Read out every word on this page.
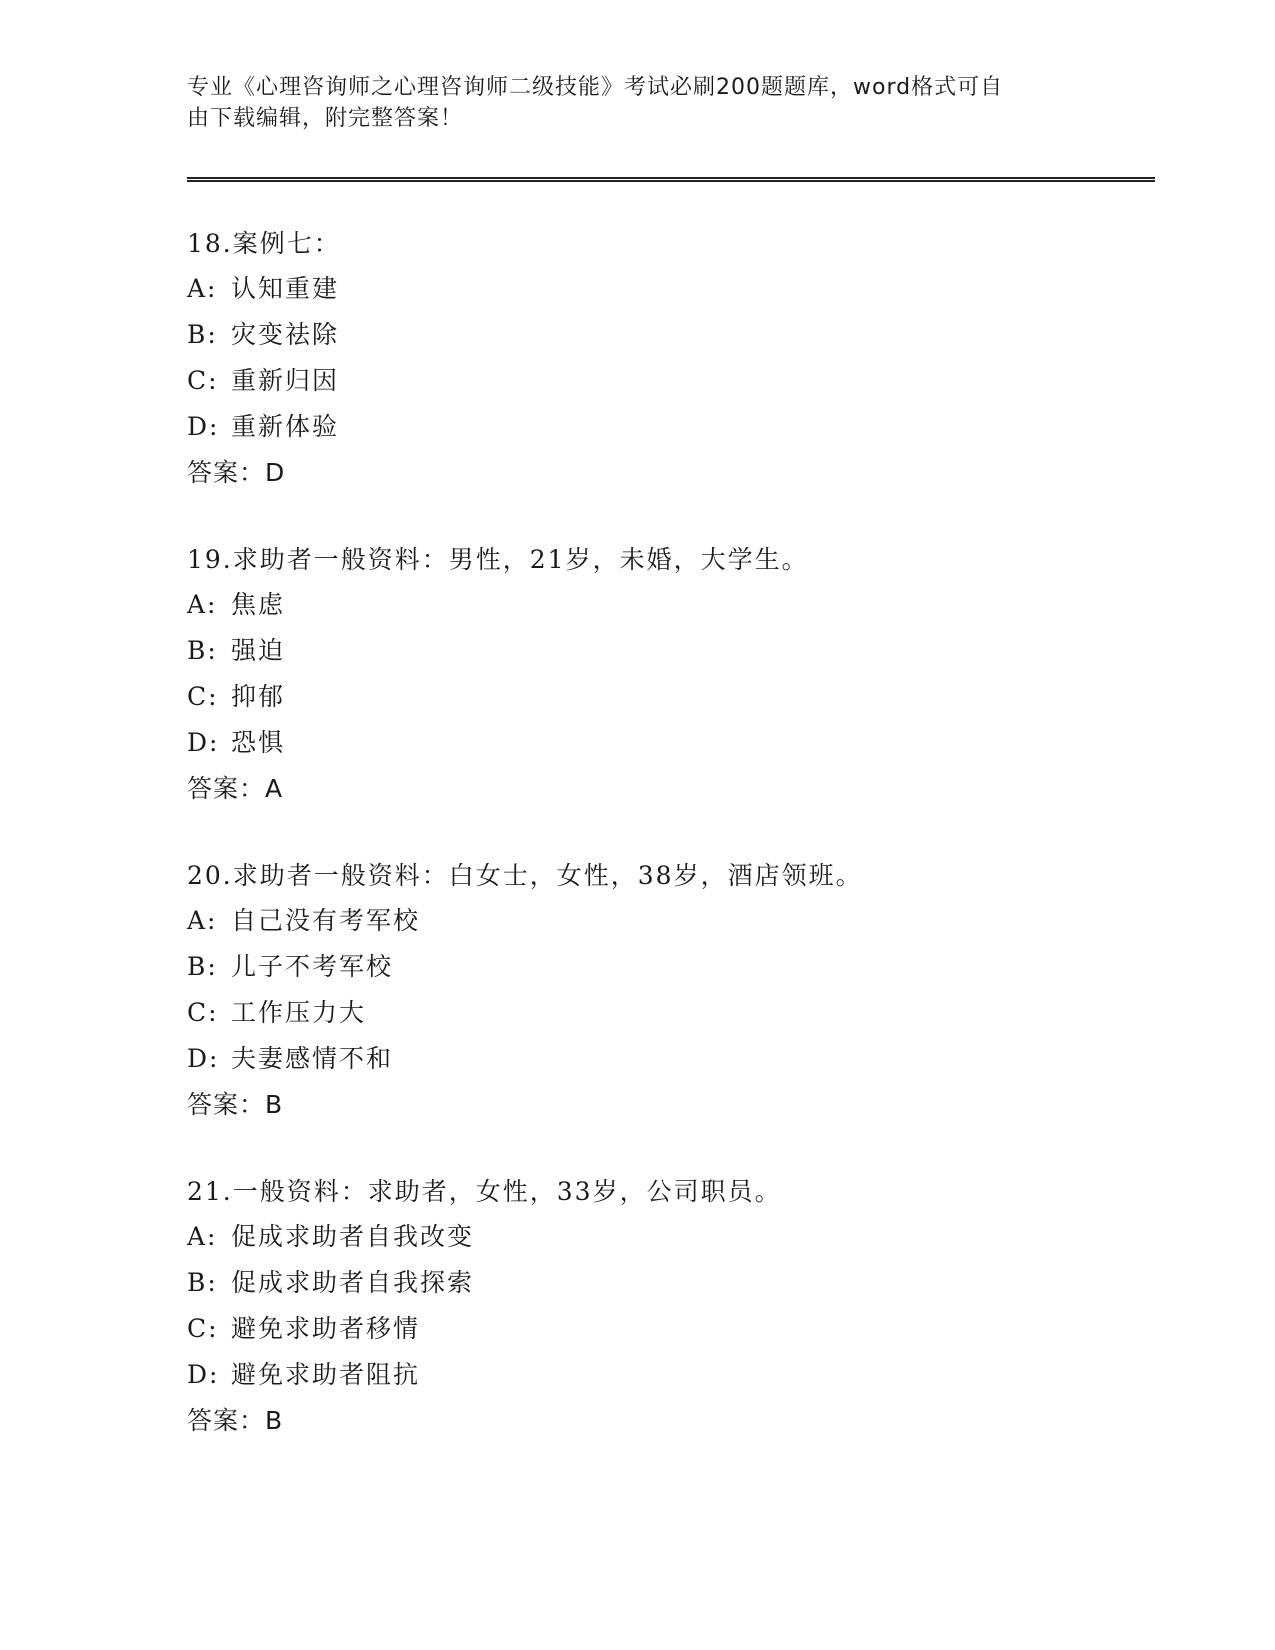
专业《心理咨询师之心理咨询师二级技能》考试必刷200题题库，word格式可自
由下载编辑，附完整答案！
18.案例七：
A: 认知重建
B: 灾变祛除
C: 重新归因
D: 重新体验
答案：D
19.求助者一般资料：男性，21岁，未婚，大学生。
A: 焦虑
B: 强迫
C: 抑郁
D: 恐惧
答案：A
20.求助者一般资料：白女士，女性，38岁，酒店领班。
A: 自己没有考军校
B: 儿子不考军校
C: 工作压力大
D: 夫妻感情不和
答案：B
21.一般资料：求助者，女性，33岁，公司职员。
A: 促成求助者自我改变
B: 促成求助者自我探索
C: 避免求助者移情
D: 避免求助者阻抗
答案：B
